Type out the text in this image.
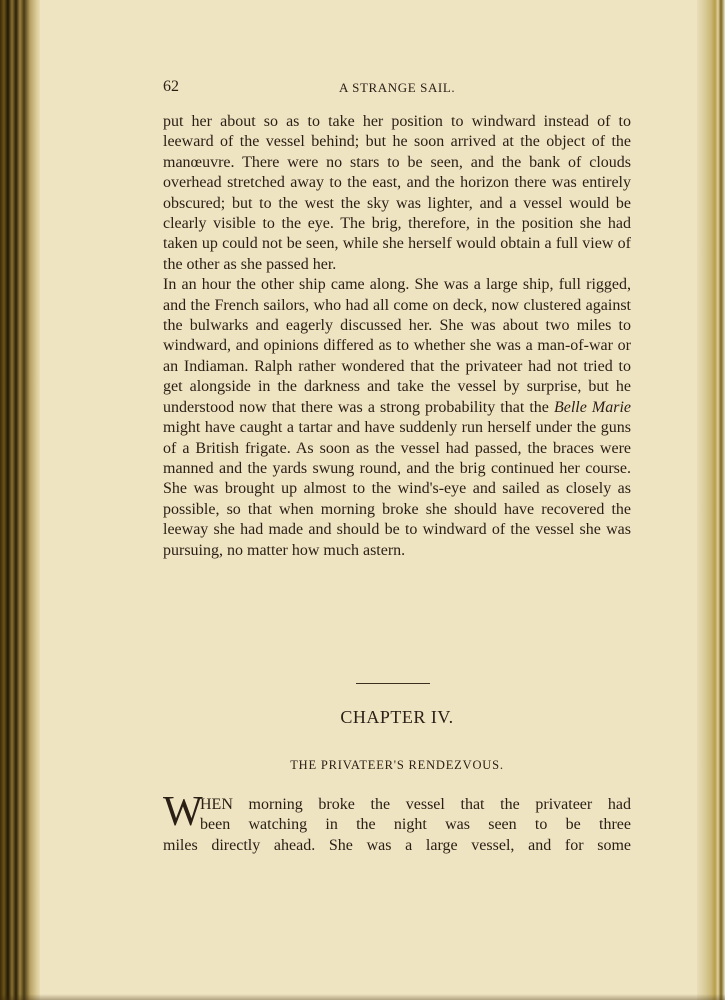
62	A STRANGE SAIL.

put her about so as to take her position to windward instead of to leeward of the vessel behind; but he soon arrived at the object of the manœuvre. There were no stars to be seen, and the bank of clouds overhead stretched away to the east, and the horizon there was entirely obscured; but to the west the sky was lighter, and a vessel would be clearly visible to the eye. The brig, therefore, in the position she had taken up could not be seen, while she herself would obtain a full view of the other as she passed her.

In an hour the other ship came along. She was a large ship, full rigged, and the French sailors, who had all come on deck, now clustered against the bulwarks and eagerly discussed her. She was about two miles to windward, and opinions differed as to whether she was a man-of-war or an Indiaman. Ralph rather wondered that the privateer had not tried to get alongside in the darkness and take the vessel by surprise, but he understood now that there was a strong probability that the Belle Marie might have caught a tartar and have suddenly run herself under the guns of a British frigate. As soon as the vessel had passed, the braces were manned and the yards swung round, and the brig continued her course. She was brought up almost to the wind's-eye and sailed as closely as possible, so that when morning broke she should have recovered the leeway she had made and should be to windward of the vessel she was pursuing, no matter how much astern.

CHAPTER IV.
THE PRIVATEER'S RENDEZVOUS.
W
HEN morning broke the vessel that the privateer had
been watching in the night was seen to be three
miles directly ahead. She was a large vessel, and for some
